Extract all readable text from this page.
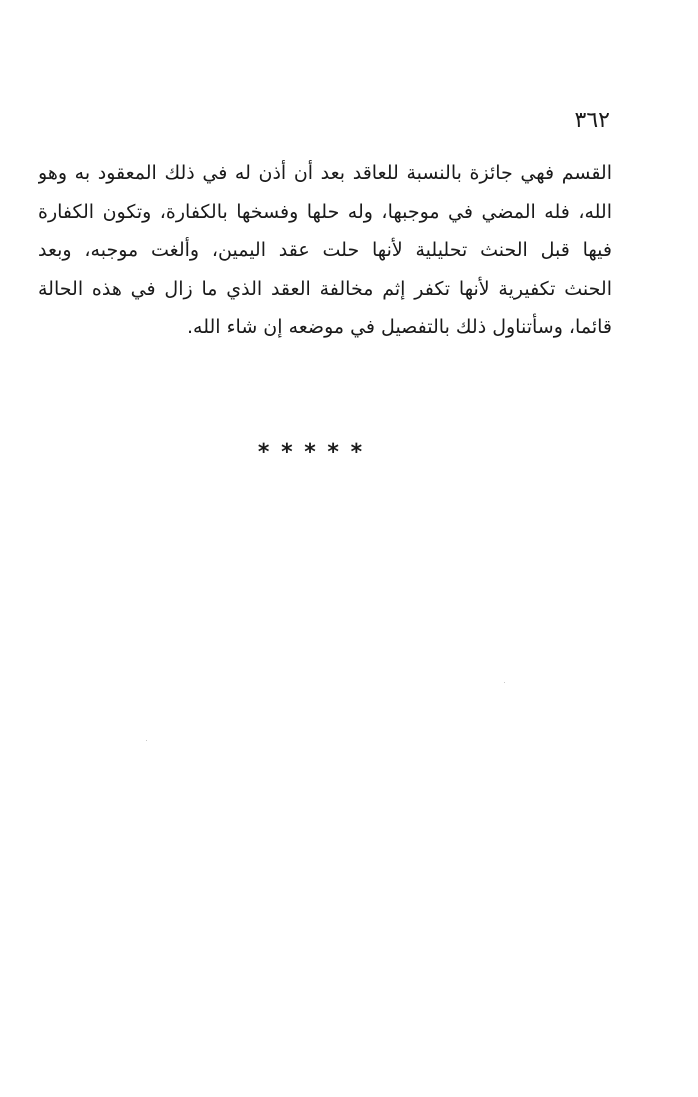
٣٦٢
القسم فهي جائزة بالنسبة للعاقد بعد أن أذن له في ذلك المعقود به وهو
الله، فله المضي في موجبها، وله حلها وفسخها بالكفارة، وتكون الكفارة
فيها قبل الحنث تحليلية لأنها حلت عقد اليمين، وألغت موجبه، وبعد
الحنث تكفيرية لأنها تكفر إثم مخالفة العقد الذي ما زال في هذه الحالة
قائما، وسأتناول ذلك بالتفصيل في موضعه إن شاء الله.
* * * * *
